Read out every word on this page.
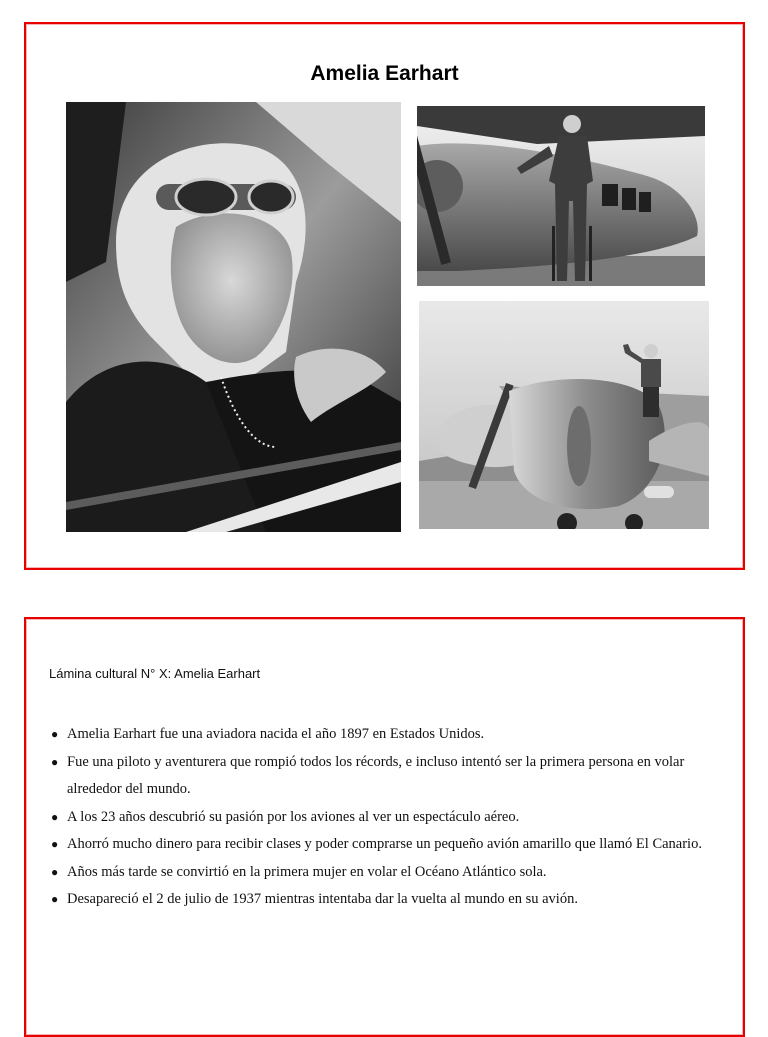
Amelia Earhart
Lámina cultural N° X: Amelia Earhart
● Amelia Earhart fue una aviadora nacida el año 1897 en Estados Unidos.
● Fue una piloto y aventurera que rompió todos los récords, e incluso intentó ser la primera persona en volar alrededor del mundo.
● A los 23 años descubrió su pasión por los aviones al ver un espectáculo aéreo.
● Ahorró mucho dinero para recibir clases y poder comprarse un pequeño avión amarillo que llamó El Canario.
● Años más tarde se convirtió en la primera mujer en volar el Océano Atlántico sola.
● Desapareció el 2 de julio de 1937 mientras intentaba dar la vuelta al mundo en su avión.
